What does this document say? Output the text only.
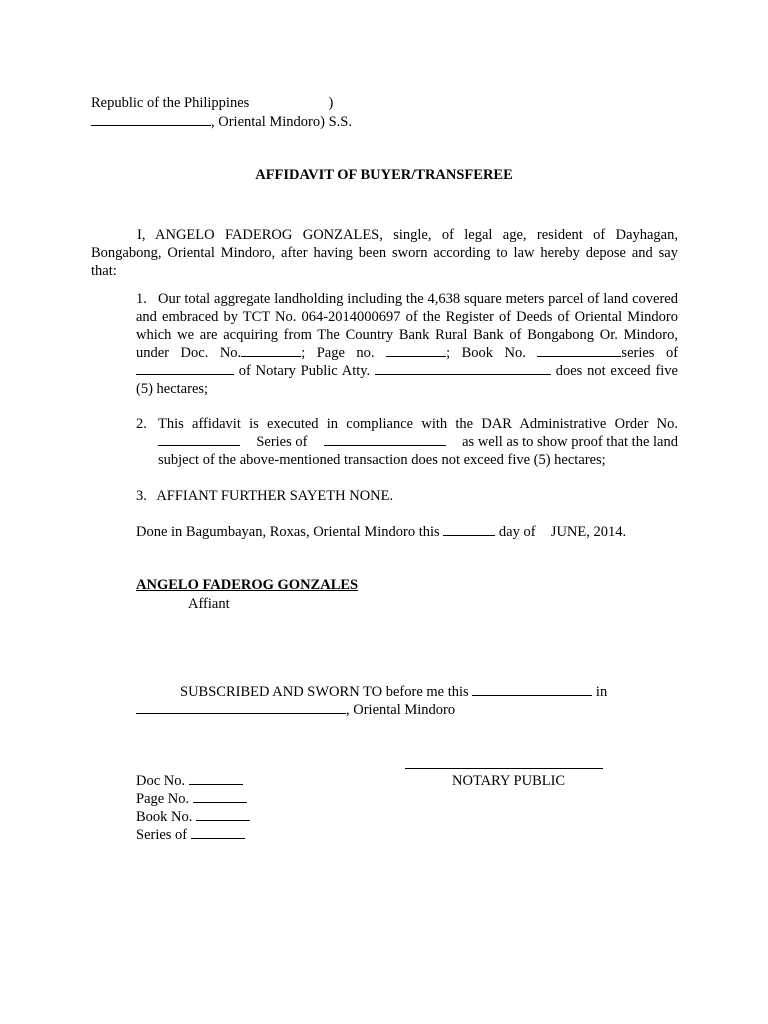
Republic of the Philippines	)
, Oriental Mindoro) S.S.
AFFIDAVIT OF BUYER/TRANSFEREE
I, ANGELO FADEROG GONZALES, single, of legal age, resident of Dayhagan, Bongabong, Oriental Mindoro, after having been sworn according to law hereby depose and say that:
1. Our total aggregate landholding including the 4,638 square meters parcel of land covered and embraced by TCT No. 064-2014000697 of the Register of Deeds of Oriental Mindoro which we are acquiring from The Country Bank Rural Bank of Bongabong Or. Mindoro, under Doc. No.	; Page no.	; Book No.	series of  of Notary Public Atty.	does not exceed five (5) hectares;
2. This affidavit is executed in compliance with the DAR Administrative Order No.
Series of	as well as to show proof that the land
subject of the above-mentioned transaction does not exceed five (5) hectares;
3. AFFIANT FURTHER SAYETH NONE.
Done in Bagumbayan, Roxas, Oriental Mindoro this	day of JUNE, 2014.
ANGELO FADEROG GONZALES
Affiant
SUBSCRIBED AND SWORN TO before me this	in
, Oriental Mindoro
NOTARY PUBLIC
Doc No.
Page No.
Book No.
Series of
